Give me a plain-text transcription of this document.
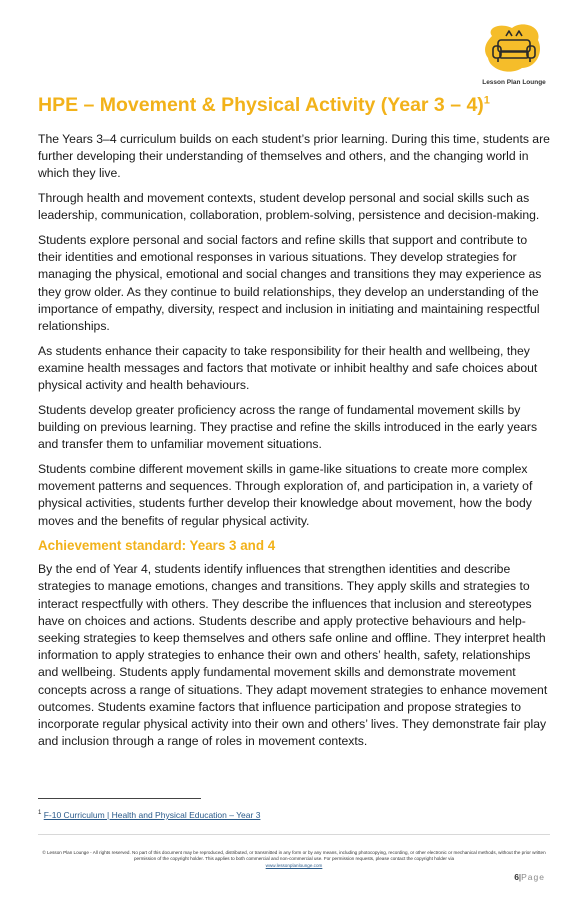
Lesson Plan Lounge
HPE – Movement & Physical Activity (Year 3 – 4)$^1$

The Years 3–4 curriculum builds on each student’s prior learning. During this time, students are further developing their understanding of themselves and others, and the changing world in which they live.

Through health and movement contexts, student develop personal and social skills such as leadership, communication, collaboration, problem-solving, persistence and decision-making.

Students explore personal and social factors and refine skills that support and contribute to their identities and emotional responses in various situations. They develop strategies for managing the physical, emotional and social changes and transitions they may experience as they grow older. As they continue to build relationships, they develop an understanding of the importance of empathy, diversity, respect and inclusion in initiating and maintaining respectful relationships.

As students enhance their capacity to take responsibility for their health and wellbeing, they examine health messages and factors that motivate or inhibit healthy and safe choices about physical activity and health behaviours.

Students develop greater proficiency across the range of fundamental movement skills by building on previous learning. They practise and refine the skills introduced in the early years and transfer them to unfamiliar movement situations.

Students combine different movement skills in game-like situations to create more complex movement patterns and sequences. Through exploration of, and participation in, a variety of physical activities, students further develop their knowledge about movement, how the body moves and the benefits of regular physical activity.

Achievement standard: Years 3 and 4

By the end of Year 4, students identify influences that strengthen identities and describe strategies to manage emotions, changes and transitions. They apply skills and strategies to interact respectfully with others. They describe the influences that inclusion and stereotypes have on choices and actions. Students describe and apply protective behaviours and help-seeking strategies to keep themselves and others safe online and offline. They interpret health information to apply strategies to enhance their own and others’ health, safety, relationships and wellbeing. Students apply fundamental movement skills and demonstrate movement concepts across a range of situations. They adapt movement strategies to enhance movement outcomes. Students examine factors that influence participation and propose strategies to incorporate regular physical activity into their own and others’ lives. They demonstrate fair play and inclusion through a range of roles in movement contexts.

$^1$ F-10 Curriculum | Health and Physical Education – Year 3
© Lesson Plan Lounge - All rights reserved. No part of this document may be reproduced, distributed, or transmitted in any form or by any means, including photocopying, recording, or other electronic or mechanical methods, without the prior written permission of the copyright holder. This applies to both commercial and non-commercial use. For permission requests, please contact the copyright holder via
www.lessonplanlounge.com
6|Page
